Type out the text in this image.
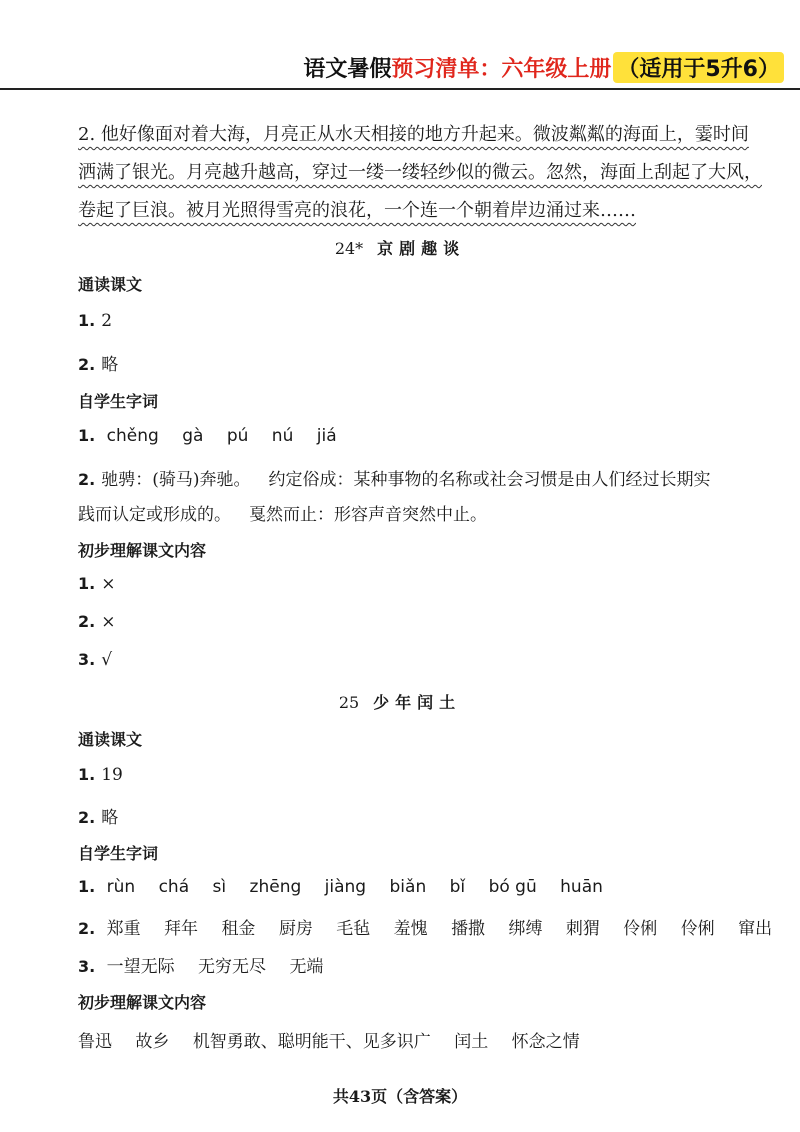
语文暑假 预习清单：六年级上册 （适用于5升6）
2. 他好像面对着大海，月亮正从水天相接的地方升起来。微波粼粼的海面上，霎时间
洒满了银光。月亮越升越高，穿过一缕一缕轻纱似的微云。忽然，海面上刮起了大风，
卷起了巨浪。被月光照得雪亮的浪花，一个连一个朝着岸边涌过来……
24* 京剧趣谈
通读课文
1. 2
2. 略
自学生字词
1. chěng gà pú nú jiá
2. 驰骋：(骑马)奔驰。 约定俗成：某种事物的名称或社会习惯是由人们经过长期实
践而认定或形成的。 戛然而止：形容声音突然中止。
初步理解课文内容
1. ×
2. ×
3. √
25 少年闰土
通读课文
1. 19
2. 略
自学生字词
1. rùn chá sì zhēng jiàng biǎn bǐ bó gū huān
2. 郑重 拜年 租金 厨房 毛毡 羞愧 播撒 绑缚 刺猬 伶俐 伶俐 窜出
3. 一望无际 无穷无尽 无端
初步理解课文内容
鲁迅 故乡 机智勇敢、聪明能干、见多识广 闰土 怀念之情
共43页（含答案）
